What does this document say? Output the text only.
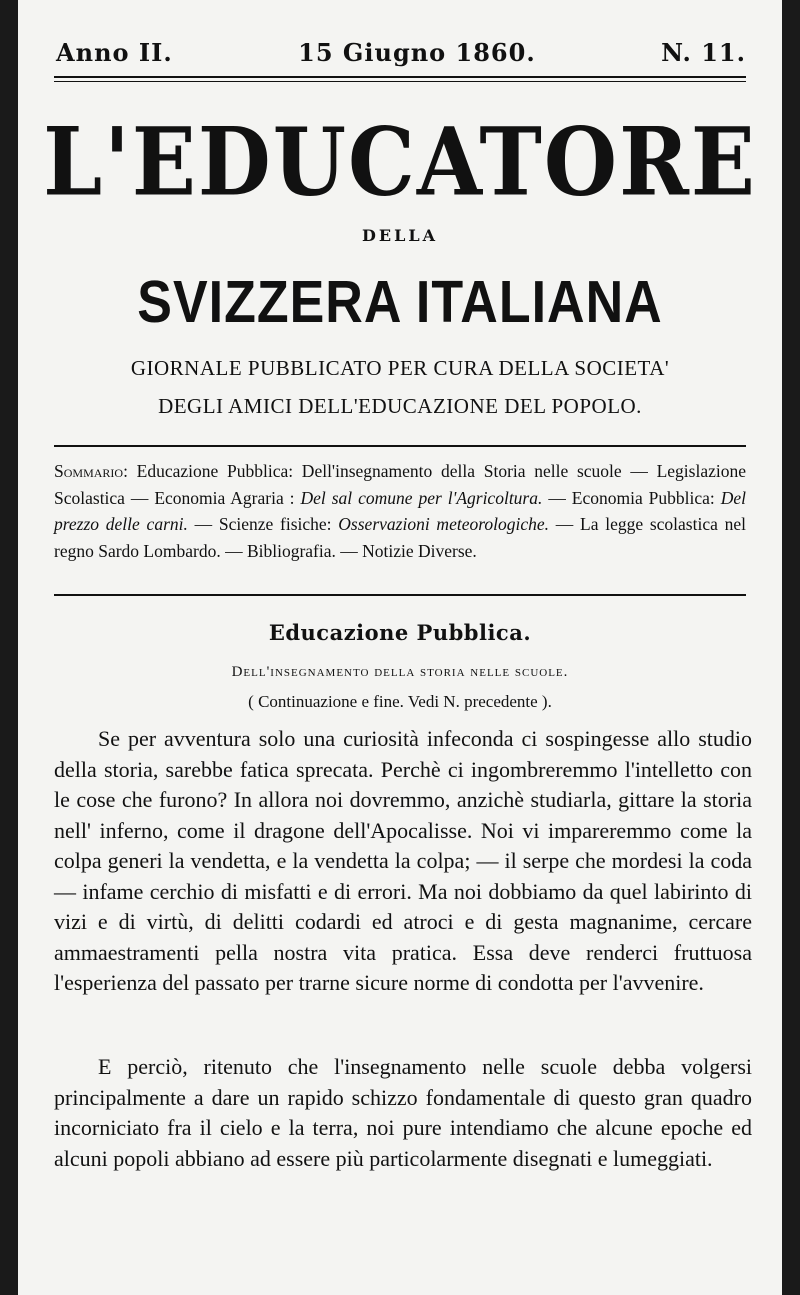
Anno II.	15 Giugno 1860.	N. 11.
L'EDUCATORE
DELLA
SVIZZERA ITALIANA
GIORNALE PUBBLICATO PER CURA DELLA SOCIETA'
DEGLI AMICI DELL'EDUCAZIONE DEL POPOLO.
Sommario: Educazione Pubblica: Dell'insegnamento della Storia nelle scuole — Legislazione Scolastica — Economia Agraria : Del sal comune per l'Agricoltura. — Economia Pubblica: Del prezzo delle carni. — Scienze fisiche: Osservazioni meteorologiche. — La legge scolastica nel regno Sardo Lombardo. — Bibliografia. — Notizie Diverse.
Educazione Pubblica.
Dell'insegnamento della storia nelle scuole.
( Continuazione e fine. Vedi N. precedente ).

Se per avventura solo una curiosità infeconda ci sospingesse allo studio della storia, sarebbe fatica sprecata. Perchè ci ingombreremmo l'intelletto con le cose che furono? In allora noi dovremmo, anzichè studiarla, gittare la storia nell' inferno, come il dragone dell'Apocalisse. Noi vi impareremmo come la colpa generi la vendetta, e la vendetta la colpa; — il serpe che mordesi la coda — infame cerchio di misfatti e di errori. Ma noi dobbiamo da quel labirinto di vizi e di virtù, di delitti codardi ed atroci e di gesta magnanime, cercare ammaestramenti pella nostra vita pratica. Essa deve renderci fruttuosa l'esperienza del passato per trarne sicure norme di condotta per l'avvenire.

E perciò, ritenuto che l'insegnamento nelle scuole debba volgersi principalmente a dare un rapido schizzo fondamentale di questo gran quadro incorniciato fra il cielo e la terra, noi pure intendiamo che alcune epoche ed alcuni popoli abbiano ad essere più particolarmente disegnati e lumeggiati.
